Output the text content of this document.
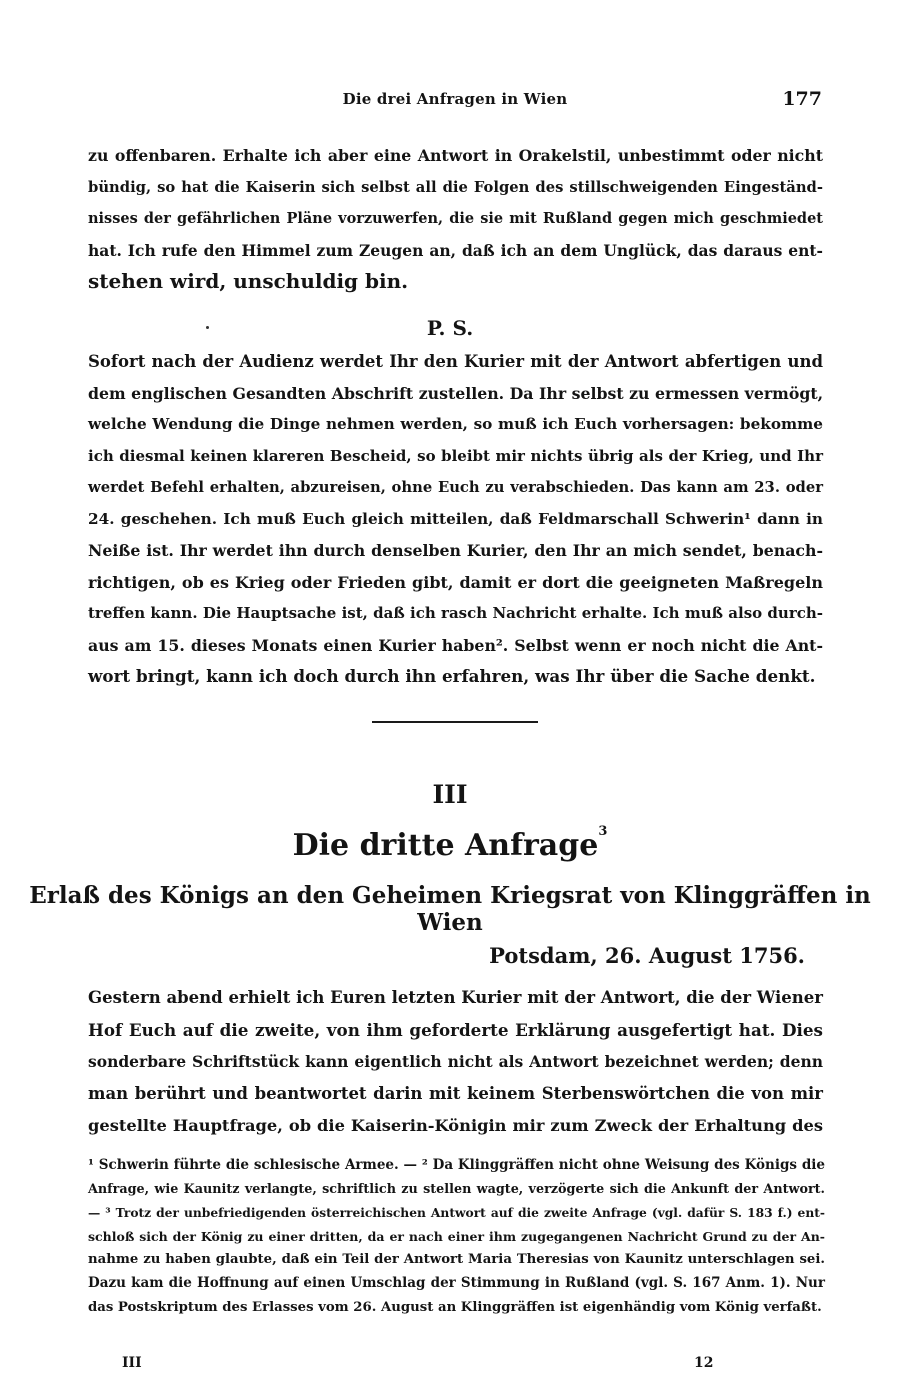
Die drei Anfragen in Wien	177
zu offenbaren. Erhalte ich aber eine Antwort in Orakelstil, unbestimmt oder nicht
bündig, so hat die Kaiserin sich selbst all die Folgen des stillschweigenden Eingeständ-
nisses der gefährlichen Pläne vorzuwerfen, die sie mit Rußland gegen mich geschmiedet
hat. Ich rufe den Himmel zum Zeugen an, daß ich an dem Unglück, das daraus ent-
stehen wird, unschuldig bin.
P. S.
Sofort nach der Audienz werdet Ihr den Kurier mit der Antwort abfertigen und
dem englischen Gesandten Abschrift zustellen. Da Ihr selbst zu ermessen vermögt,
welche Wendung die Dinge nehmen werden, so muß ich Euch vorhersagen: bekomme
ich diesmal keinen klareren Bescheid, so bleibt mir nichts übrig als der Krieg, und Ihr
werdet Befehl erhalten, abzureisen, ohne Euch zu verabschieden. Das kann am 23. oder
24. geschehen. Ich muß Euch gleich mitteilen, daß Feldmarschall Schwerin¹ dann in
Neiße ist. Ihr werdet ihn durch denselben Kurier, den Ihr an mich sendet, benach-
richtigen, ob es Krieg oder Frieden gibt, damit er dort die geeigneten Maßregeln
treffen kann. Die Hauptsache ist, daß ich rasch Nachricht erhalte. Ich muß also durch-
aus am 15. dieses Monats einen Kurier haben². Selbst wenn er noch nicht die Ant-
wort bringt, kann ich doch durch ihn erfahren, was Ihr über die Sache denkt.
III
Die dritte Anfrage$^3$
Erlaß des Königs an den Geheimen Kriegsrat von Klinggräffen in Wien
Potsdam, 26. August 1756.
Gestern abend erhielt ich Euren letzten Kurier mit der Antwort, die der Wiener
Hof Euch auf die zweite, von ihm geforderte Erklärung ausgefertigt hat. Dies
sonderbare Schriftstück kann eigentlich nicht als Antwort bezeichnet werden; denn
man berührt und beantwortet darin mit keinem Sterbenswörtchen die von mir
gestellte Hauptfrage, ob die Kaiserin-Königin mir zum Zweck der Erhaltung des
¹ Schwerin führte die schlesische Armee. — ² Da Klinggräffen nicht ohne Weisung des Königs die
Anfrage, wie Kaunitz verlangte, schriftlich zu stellen wagte, verzögerte sich die Ankunft der Antwort.
— ³ Trotz der unbefriedigenden österreichischen Antwort auf die zweite Anfrage (vgl. dafür S. 183 f.) ent-
schloß sich der König zu einer dritten, da er nach einer ihm zugegangenen Nachricht Grund zu der An-
nahme zu haben glaubte, daß ein Teil der Antwort Maria Theresias von Kaunitz unterschlagen sei.
Dazu kam die Hoffnung auf einen Umschlag der Stimmung in Rußland (vgl. S. 167 Anm. 1). Nur
das Postskriptum des Erlasses vom 26. August an Klinggräffen ist eigenhändig vom König verfaßt.
III	12
